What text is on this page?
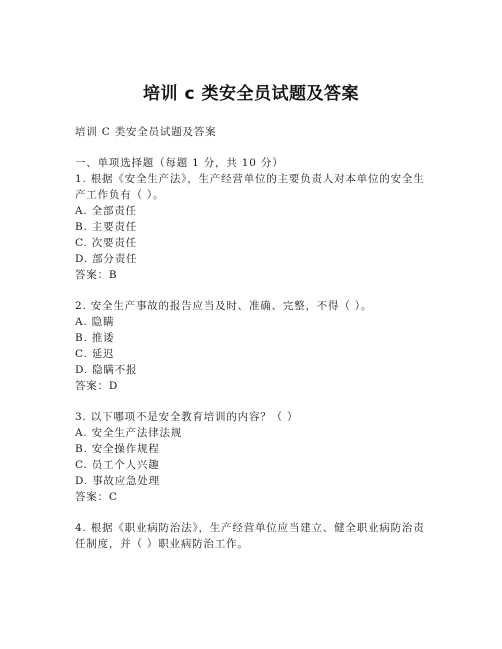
培训 c 类安全员试题及答案
培训 C 类安全员试题及答案
一、单项选择题（每题 1 分，共 10 分）
1. 根据《安全生产法》，生产经营单位的主要负责人对本单位的安全生产工作负有（ ）。
A. 全部责任
B. 主要责任
C. 次要责任
D. 部分责任
答案：B
2. 安全生产事故的报告应当及时、准确、完整，不得（ ）。
A. 隐瞒
B. 推诿
C. 延迟
D. 隐瞒不报
答案：D
3. 以下哪项不是安全教育培训的内容？（ ）
A. 安全生产法律法规
B. 安全操作规程
C. 员工个人兴趣
D. 事故应急处理
答案：C
4. 根据《职业病防治法》，生产经营单位应当建立、健全职业病防治责任制度，并（ ）职业病防治工作。
